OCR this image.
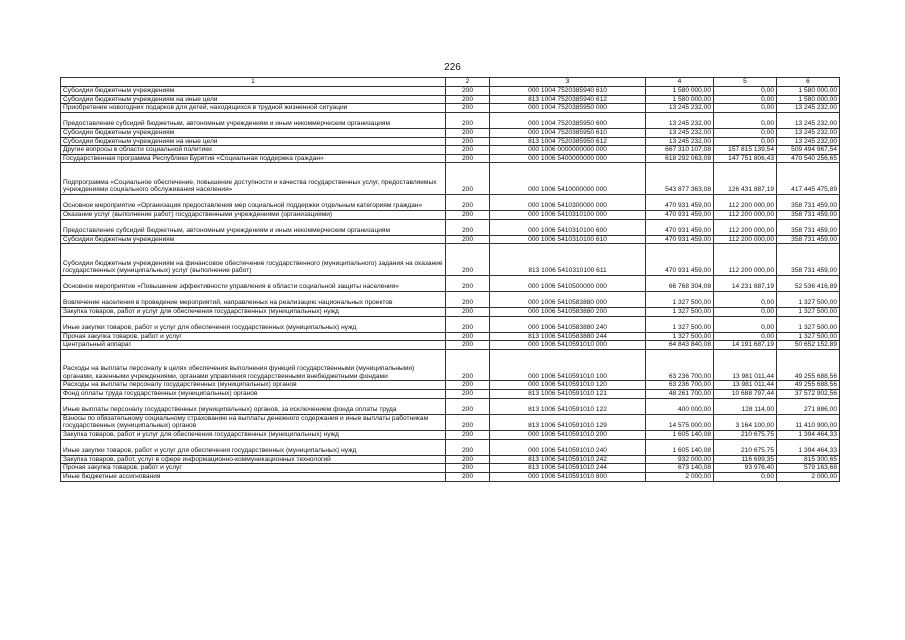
226
1	2	3	4	5	6
Субсидии бюджетным учреждениям	200	000 1004 7520385940 610	1 580 000,00	0,00	1 580 000,00
Субсидии бюджетным учреждениям на иные цели	200	813 1004 7520385940 612	1 580 000,00	0,00	1 580 000,00
Приобретение новогодних подарков для детей, находящихся в трудной жизненной ситуации	200	000 1004 7520385950 000	13 245 232,00	0,00	13 245 232,00
Предоставление субсидий бюджетным, автономным учреждениям и иным некоммерческим организациям	200	000 1004 7520385950 600	13 245 232,00	0,00	13 245 232,00
Субсидии бюджетным учреждениям	200	000 1004 7520385950 610	13 245 232,00	0,00	13 245 232,00
Субсидии бюджетным учреждениям на иные цели	200	813 1004 7520385950 612	13 245 232,00	0,00	13 245 232,00
Другие вопросы в области социальной политики	200	000 1006 0000000000 000	667 310 107,08	157 815 139,54	509 494 967,54
Государственная программа Республики Бурятия «Социальная поддержка граждан»	200	000 1006 5400000000 000	618 292 063,08	147 751 806,43	470 540 256,65
Подпрограмма «Социальное обеспечение, повышение доступности и качества государственных услуг, предоставляемых учреждениями социального обслуживания населения»	200	000 1006 5410000000 000	543 877 363,08	126 431 887,19	417 445 475,89
Основное мероприятие «Организация предоставления мер социальной поддержки отдельным категориям граждан»	200	000 1006 5410300000 000	470 931 459,00	112 200 000,00	358 731 459,00
Оказание услуг (выполнение работ) государственными учреждениями (организациями)	200	000 1006 5410310100 000	470 931 459,00	112 200 000,00	358 731 459,00
Предоставление субсидий бюджетным, автономным учреждениям и иным некоммерческим организациям	200	000 1006 5410310100 600	470 931 459,00	112 200 000,00	358 731 459,00
Субсидии бюджетным учреждениям	200	000 1006 5410310100 610	470 931 459,00	112 200 000,00	358 731 459,00
Субсидии бюджетным учреждениям на финансовое обеспечение государственного (муниципального) задания на оказание государственных (муниципальных) услуг (выполнение работ)	200	813 1006 5410310100 611	470 931 459,00	112 200 000,00	358 731 459,00
Основное мероприятие «Повышение эффективности управления в области социальной защиты населения»	200	000 1006 5410500000 000	66 768 304,08	14 231 887,19	52 536 416,89
Вовлечение населения в проведение мероприятий, направленных на реализацию национальных проектов	200	000 1006 5410583880 000	1 327 500,00	0,00	1 327 500,00
Закупка товаров, работ и услуг для обеспечения государственных (муниципальных) нужд	200	000 1006 5410583880 200	1 327 500,00	0,00	1 327 500,00
Иные закупки товаров, работ и услуг для обеспечения государственных (муниципальных) нужд	200	000 1006 5410583880 240	1 327 500,00	0,00	1 327 500,00
Прочая закупка товаров, работ и услуг	200	813 1006 5410583880 244	1 327 500,00	0,00	1 327 500,00
Центральный аппарат	200	000 1006 5410591010 000	64 843 840,08	14 191 687,19	50 652 152,89
Расходы на выплаты персоналу в целях обеспечения выполнения функций государственными (муниципальными) органами, казенными учреждениями, органами управления государственными внебюджетными фондами	200	000 1006 5410591010 100	63 236 700,00	13 981 011,44	49 255 688,56
Расходы на выплаты персоналу государственных (муниципальных) органов	200	000 1006 5410591010 120	63 236 700,00	13 981 011,44	49 255 688,56
Фонд оплаты труда государственных (муниципальных) органов	200	813 1006 5410591010 121	48 261 700,00	10 688 797,44	37 572 902,56
Иные выплаты персоналу государственных (муниципальных) органов, за исключением фонда оплаты труда	200	813 1006 5410591010 122	400 000,00	128 114,00	271 886,00
Взносы по обязательному социальному страхованию на выплаты денежного содержания и иные выплаты работникам государственных (муниципальных) органов	200	813 1006 5410591010 129	14 575 000,00	3 164 100,00	11 410 900,00
Закупка товаров, работ и услуг для обеспечения государственных (муниципальных) нужд	200	000 1006 5410591010 200	1 605 140,08	210 675,75	1 394 464,33
Иные закупки товаров, работ и услуг для обеспечения государственных (муниципальных) нужд	200	000 1006 5410591010 240	1 605 140,08	210 675,75	1 394 464,33
Закупка товаров, работ, услуг в сфере информационно-коммуникационных технологий	200	813 1006 5410591010 242	932 000,00	116 699,35	815 300,65
Прочая закупка товаров, работ и услуг	200	813 1006 5410591010 244	673 140,08	93 976,40	579 163,68
Иные бюджетные ассигнования	200	000 1006 5410591010 800	2 000,00	0,00	2 000,00
